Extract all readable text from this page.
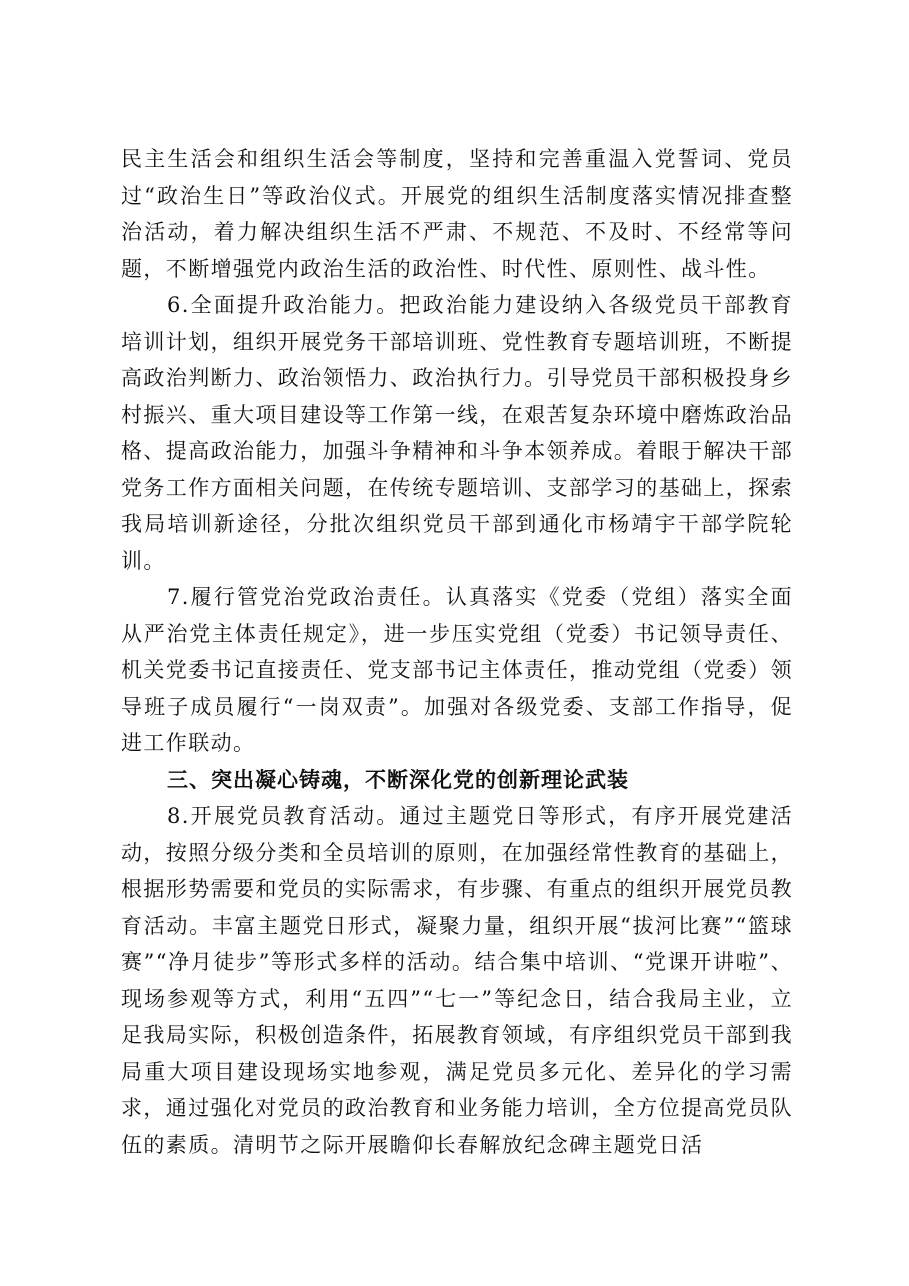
民主生活会和组织生活会等制度，坚持和完善重温入党誓词、党员过“政治生日”等政治仪式。开展党的组织生活制度落实情况排查整治活动，着力解决组织生活不严肃、不规范、不及时、不经常等问题，不断增强党内政治生活的政治性、时代性、原则性、战斗性。

6.全面提升政治能力。把政治能力建设纳入各级党员干部教育培训计划，组织开展党务干部培训班、党性教育专题培训班，不断提高政治判断力、政治领悟力、政治执行力。引导党员干部积极投身乡村振兴、重大项目建设等工作第一线，在艰苦复杂环境中磨炼政治品格、提高政治能力，加强斗争精神和斗争本领养成。着眼于解决干部党务工作方面相关问题，在传统专题培训、支部学习的基础上，探索我局培训新途径，分批次组织党员干部到通化市杨靖宇干部学院轮训。

7.履行管党治党政治责任。认真落实《党委（党组）落实全面从严治党主体责任规定》，进一步压实党组（党委）书记领导责任、机关党委书记直接责任、党支部书记主体责任，推动党组（党委）领导班子成员履行“一岗双责”。加强对各级党委、支部工作指导，促进工作联动。

三、突出凝心铸魂，不断深化党的创新理论武装

8.开展党员教育活动。通过主题党日等形式，有序开展党建活动，按照分级分类和全员培训的原则，在加强经常性教育的基础上，根据形势需要和党员的实际需求，有步骤、有重点的组织开展党员教育活动。丰富主题党日形式，凝聚力量，组织开展“拔河比赛”“篮球赛”“净月徒步”等形式多样的活动。结合集中培训、“党课开讲啦”、现场参观等方式，利用“五四”“七一”等纪念日，结合我局主业，立足我局实际，积极创造条件，拓展教育领域，有序组织党员干部到我局重大项目建设现场实地参观，满足党员多元化、差异化的学习需求，通过强化对党员的政治教育和业务能力培训，全方位提高党员队伍的素质。清明节之际开展瞻仰长春解放纪念碑主题党日活
